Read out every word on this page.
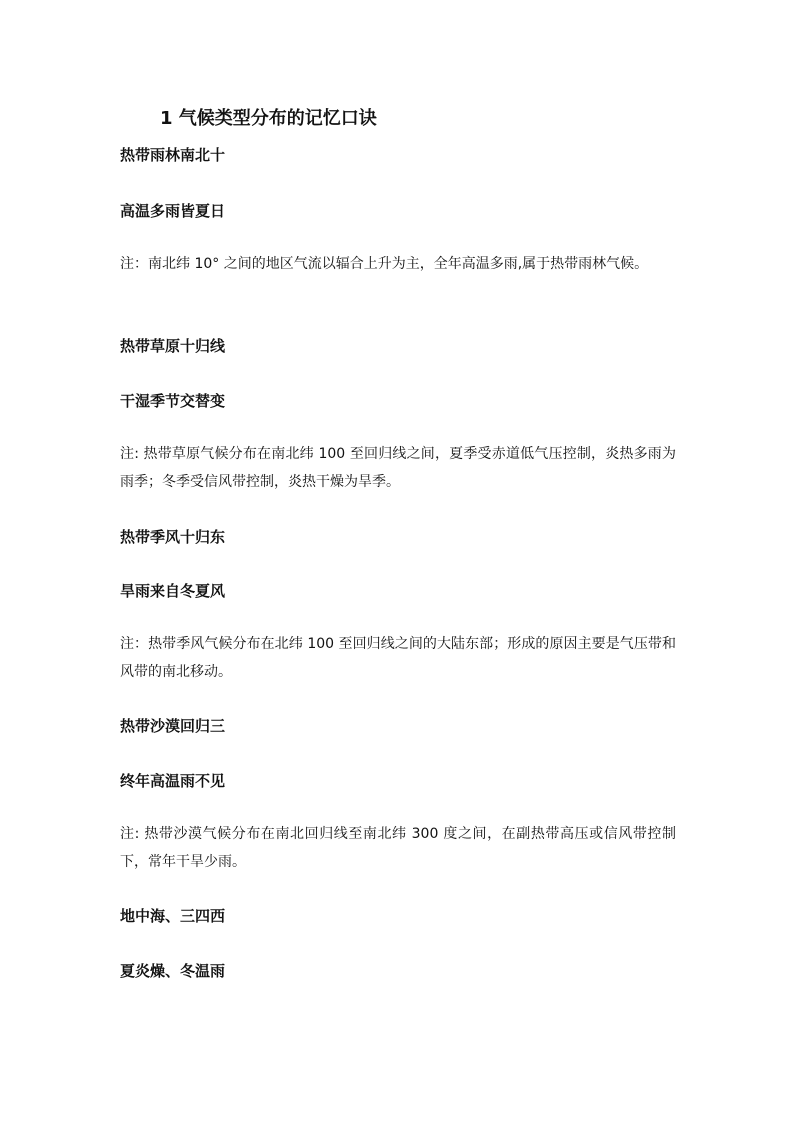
1 气候类型分布的记忆口诀
热带雨林南北十
高温多雨皆夏日
注：南北纬 10° 之间的地区气流以辐合上升为主，全年高温多雨,属于热带雨林气候。
热带草原十归线
干湿季节交替变
注: 热带草原气候分布在南北纬 100 至回归线之间，夏季受赤道低气压控制，炎热多雨为雨季；冬季受信风带控制，炎热干燥为旱季。
热带季风十归东
旱雨来自冬夏风
注：热带季风气候分布在北纬 100 至回归线之间的大陆东部；形成的原因主要是气压带和风带的南北移动。
热带沙漠回归三
终年高温雨不见
注: 热带沙漠气候分布在南北回归线至南北纬 300 度之间，在副热带高压或信风带控制下，常年干旱少雨。
地中海、三四西
夏炎燥、冬温雨
